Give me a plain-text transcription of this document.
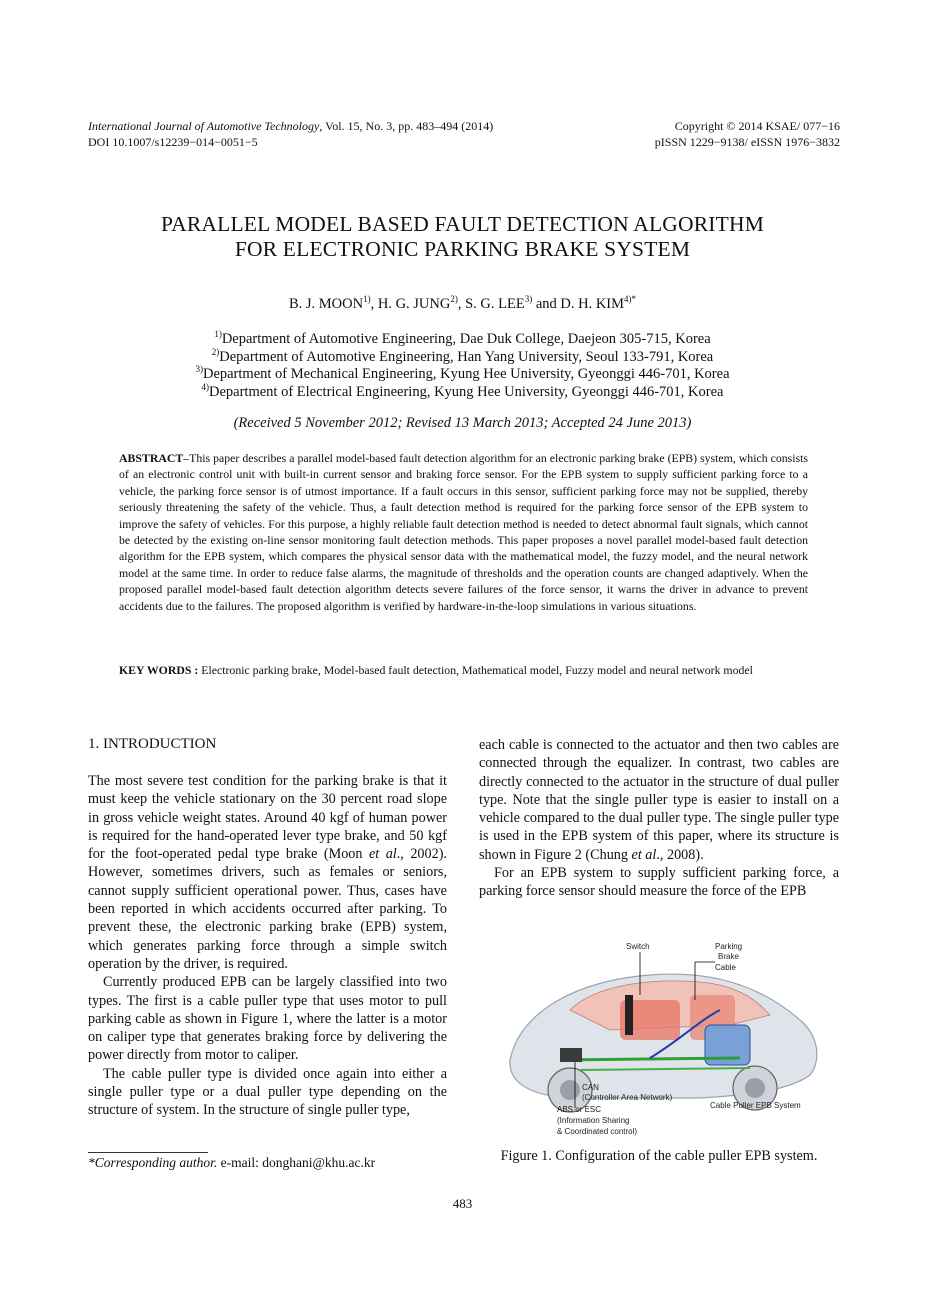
International Journal of Automotive Technology, Vol. 15, No. 3, pp. 483–494 (2014)
DOI 10.1007/s12239−014−0051−5
Copyright © 2014 KSAE/ 077−16
pISSN 1229−9138/ eISSN 1976−3832
PARALLEL MODEL BASED FAULT DETECTION ALGORITHM
FOR ELECTRONIC PARKING BRAKE SYSTEM
B. J. MOON$^{1)}$, H. G. JUNG$^{2)}$, S. G. LEE$^{3)}$ and D. H. $KIM^{4)*}$
$^{1)}$Department of Automotive Engineering, Dae Duk College, Daejeon 305-715, Korea
$^{2)}$Department of Automotive Engineering, Han Yang University, Seoul 133-791, Korea
$^{3)}$Department of Mechanical Engineering, Kyung Hee University, Gyeonggi 446-701, Korea
$^{4)}$Department of Electrical Engineering, Kyung Hee University, Gyeonggi 446-701, Korea
(Received 5 November 2012; Revised 13 March 2013; Accepted 24 June 2013)
ABSTRACT–This paper describes a parallel model-based fault detection algorithm for an electronic parking brake (EPB) system, which consists of an electronic control unit with built-in current sensor and braking force sensor. For the EPB system to supply sufficient parking force to a vehicle, the parking force sensor is of utmost importance. If a fault occurs in this sensor, sufficient parking force may not be supplied, thereby seriously threatening the safety of the vehicle. Thus, a fault detection method is required for the parking force sensor of the EPB system to improve the safety of vehicles. For this purpose, a highly reliable fault detection method is needed to detect abnormal fault signals, which cannot be detected by the existing on-line sensor monitoring fault detection methods. This paper proposes a novel parallel model-based fault detection algorithm for the EPB system, which compares the physical sensor data with the mathematical model, the fuzzy model, and the neural network model at the same time. In order to reduce false alarms, the magnitude of thresholds and the operation counts are changed adaptively. When the proposed parallel model-based fault detection algorithm detects severe failures of the force sensor, it warns the driver in advance to prevent accidents due to the failures. The proposed algorithm is verified by hardware-in-the-loop simulations in various situations.
KEY WORDS : Electronic parking brake, Model-based fault detection, Mathematical model, Fuzzy model and neural network model
1. INTRODUCTION

The most severe test condition for the parking brake is that it must keep the vehicle stationary on the 30 percent road slope in gross vehicle weight states. Around 40 kgf of human power is required for the hand-operated lever type brake, and 50 kgf for the foot-operated pedal type brake (Moon et al., 2002). However, sometimes drivers, such as females or seniors, cannot supply sufficient operational power. Thus, cases have been reported in which accidents occurred after parking. To prevent these, the electronic parking brake (EPB) system, which generates parking force through a simple switch operation by the driver, is required.

Currently produced EPB can be largely classified into two types. The first is a cable puller type that uses motor to pull parking cable as shown in Figure 1, where the latter is a motor on caliper type that generates braking force by delivering the power directly from motor to caliper.

The cable puller type is divided once again into either a single puller type or a dual puller type depending on the structure of system. In the structure of single puller type,

each cable is connected to the actuator and then two cables are connected through the equalizer. In contrast, two cables are directly connected to the actuator in the structure of dual puller type. Note that the single puller type is easier to install on a vehicle compared to the dual puller type. The single puller type is used in the EPB system of this paper, where its structure is shown in Figure 2 (Chung et al., 2008).

For an EPB system to supply sufficient parking force, a parking force sensor should measure the force of the EPB

Switch	Parking
Brake
Cable
CAN
(Controller Area Network)
ABS or ESC
(Information Sharing
& Coordinated control)
Cable Puller EPB System
Figure 1. Configuration of the cable puller EPB system.
*Corresponding author. e-mail: donghani@khu.ac.kr
483
